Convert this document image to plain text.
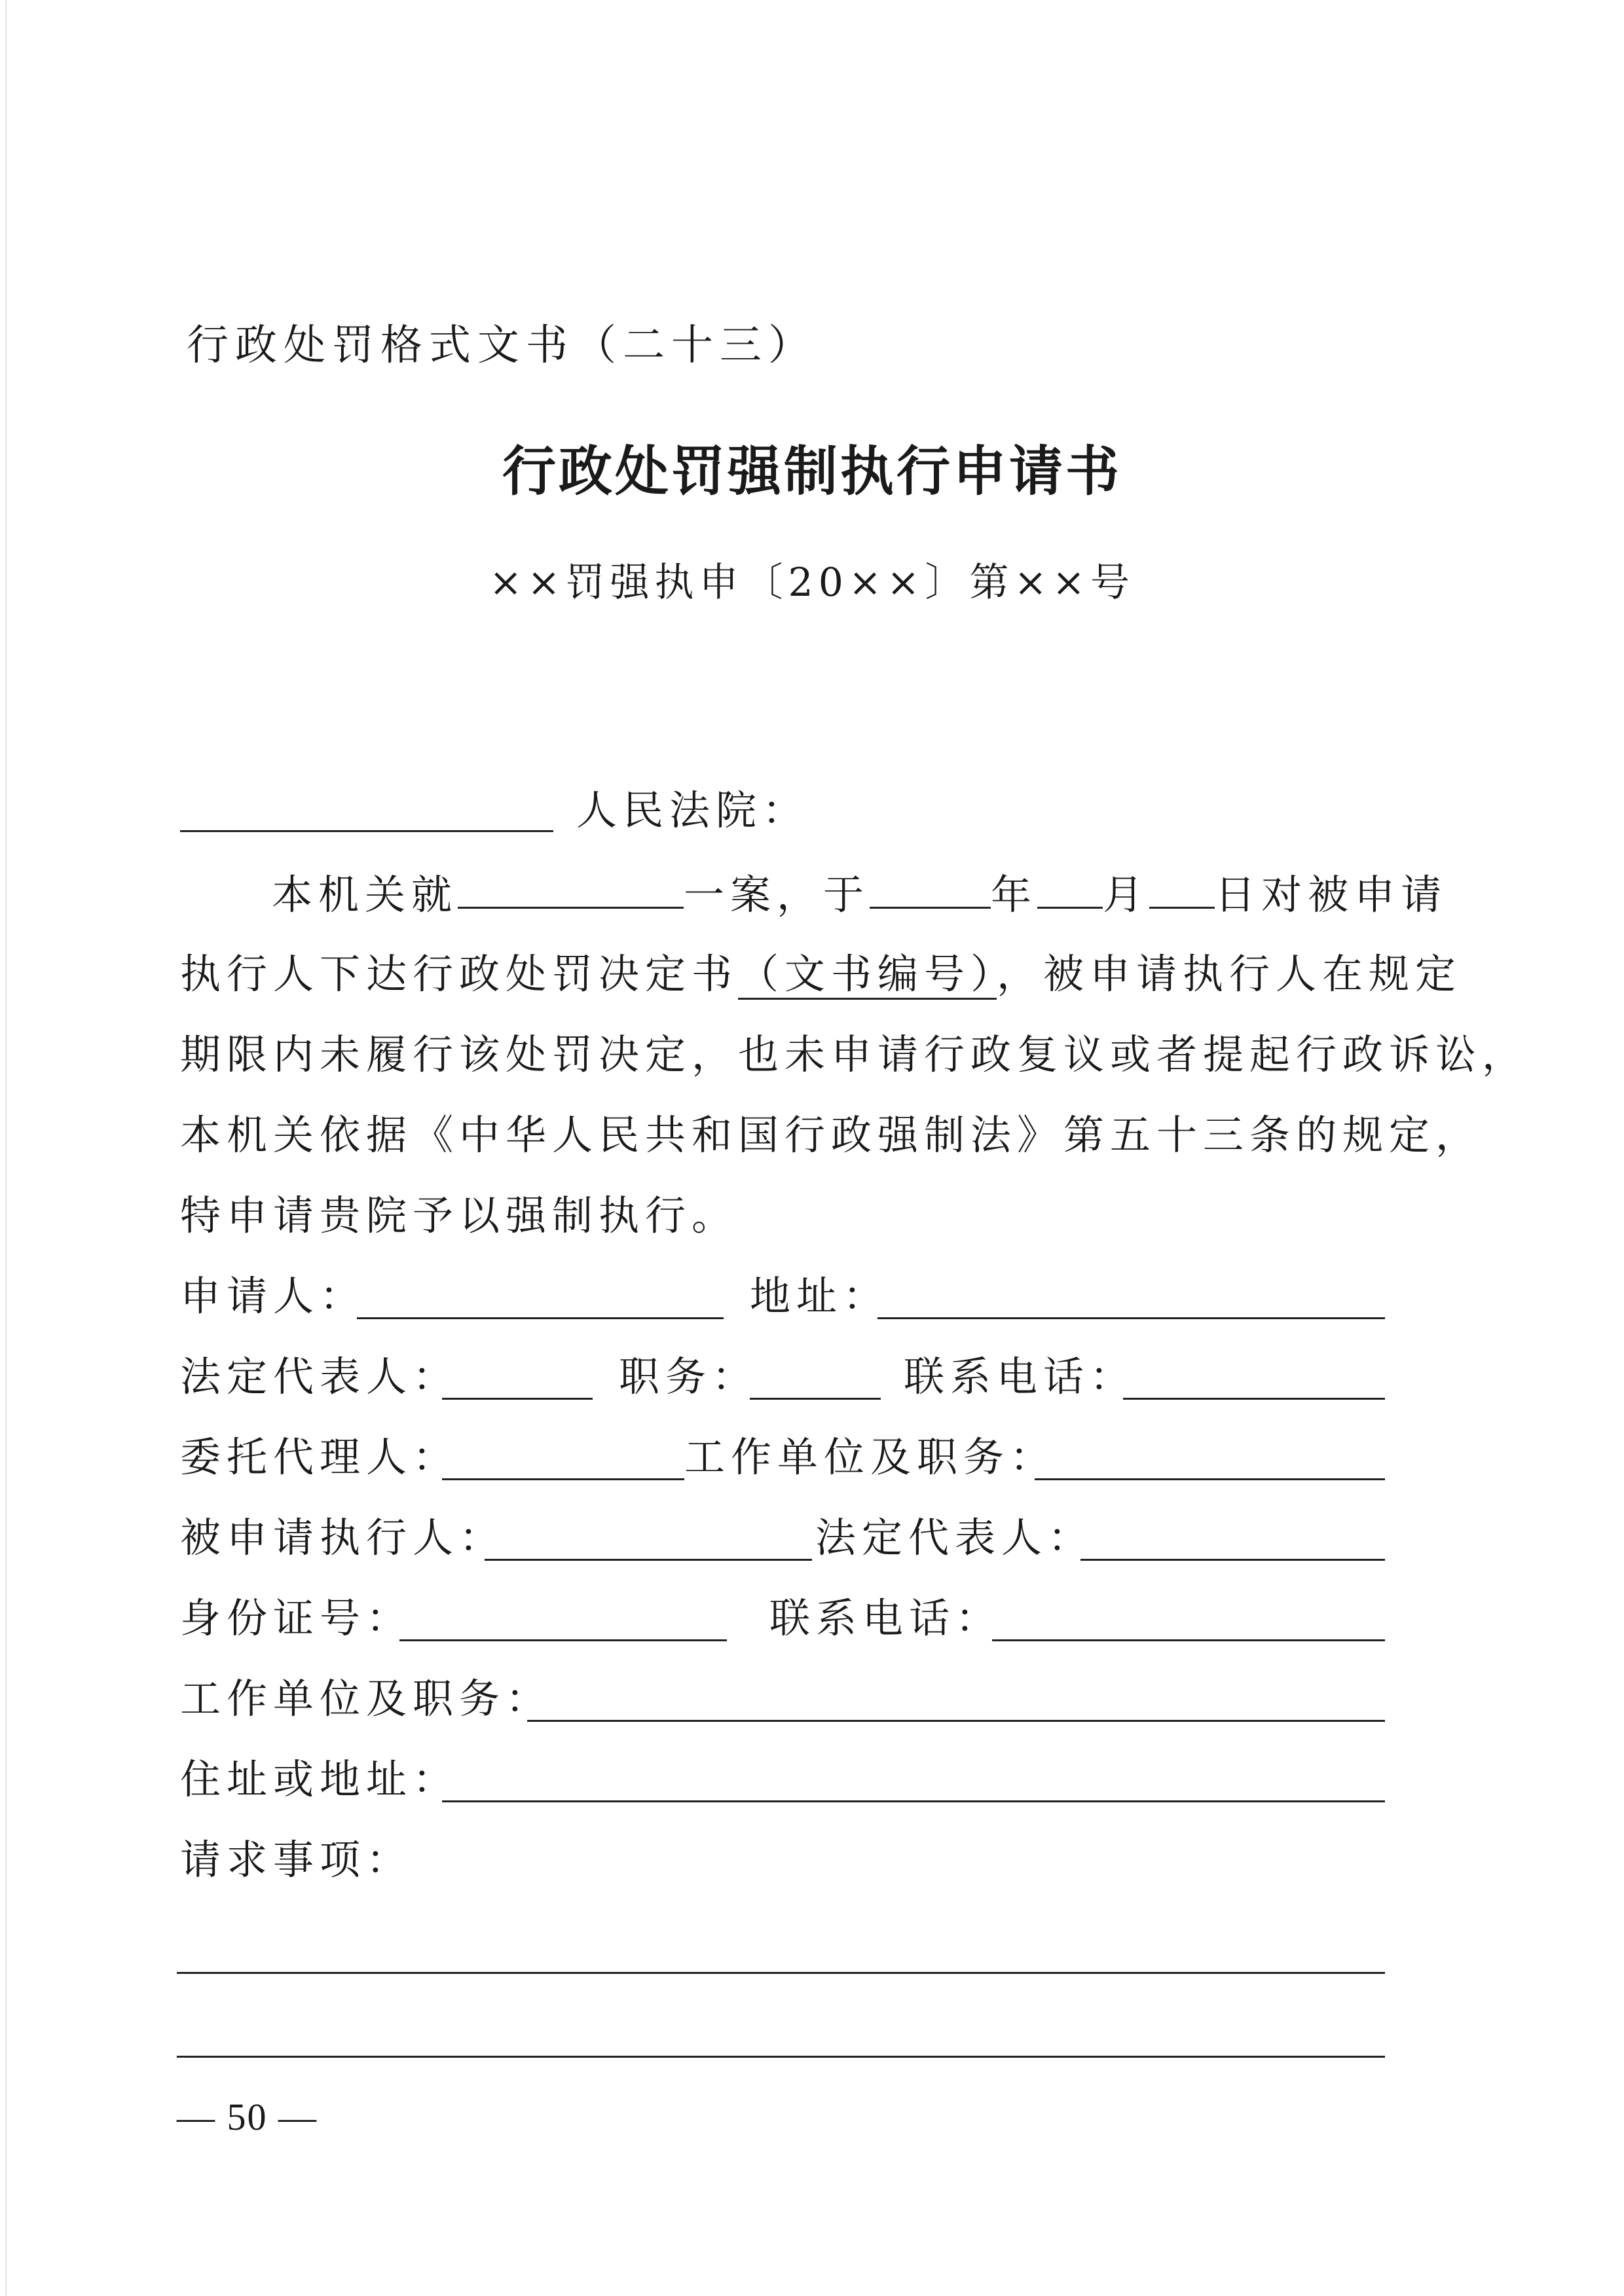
行政处罚格式文书（二十三）
行政处罚强制执行申请书
××罚强执申〔20××〕第××号
人民法院：
本机关就	一案，于	年 月 日对被申请
执行人下达行政处罚决定书（文书编号），被申请执行人在规定
期限内未履行该处罚决定，也未申请行政复议或者提起行政诉讼，
本机关依据《中华人民共和国行政强制法》第五十三条的规定，
特申请贵院予以强制执行。
申请人：	地址：
法定代表人：	职务：	联系电话：
委托代理人：	工作单位及职务：
被申请执行人：	法定代表人：
身份证号：	联系电话：
工作单位及职务：
住址或地址：
请求事项：
— 50 —
